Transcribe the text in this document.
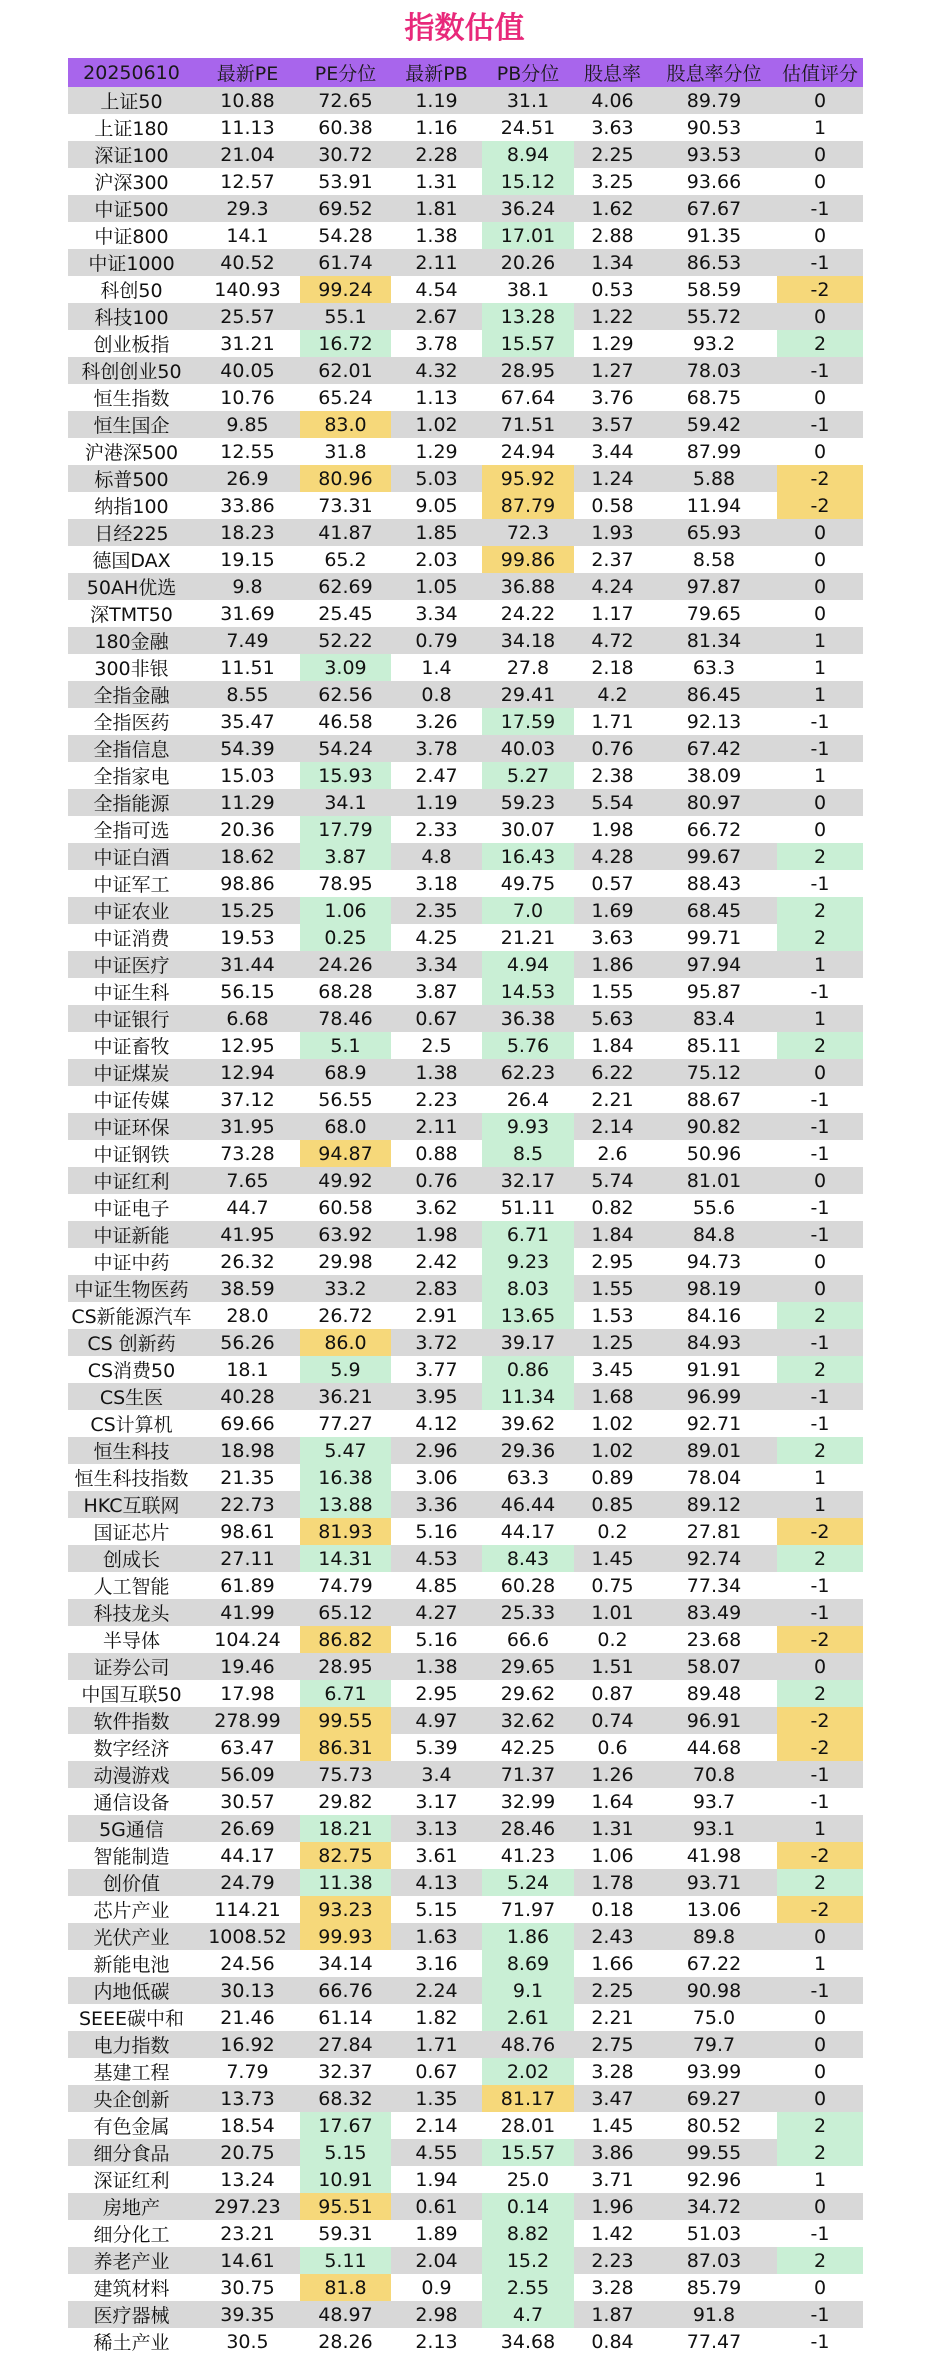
指数估值
20250610	最新PE	PE分位	最新PB	PB分位	股息率	股息率分位	估值评分
上证50	10.88	72.65	1.19	31.1	4.06	89.79	0
上证180	11.13	60.38	1.16	24.51	3.63	90.53	1
深证100	21.04	30.72	2.28	8.94	2.25	93.53	0
沪深300	12.57	53.91	1.31	15.12	3.25	93.66	0
中证500	29.3	69.52	1.81	36.24	1.62	67.67	-1
中证800	14.1	54.28	1.38	17.01	2.88	91.35	0
中证1000	40.52	61.74	2.11	20.26	1.34	86.53	-1
科创50	140.93	99.24	4.54	38.1	0.53	58.59	-2
科技100	25.57	55.1	2.67	13.28	1.22	55.72	0
创业板指	31.21	16.72	3.78	15.57	1.29	93.2	2
科创创业50	40.05	62.01	4.32	28.95	1.27	78.03	-1
恒生指数	10.76	65.24	1.13	67.64	3.76	68.75	0
恒生国企	9.85	83.0	1.02	71.51	3.57	59.42	-1
沪港深500	12.55	31.8	1.29	24.94	3.44	87.99	0
标普500	26.9	80.96	5.03	95.92	1.24	5.88	-2
纳指100	33.86	73.31	9.05	87.79	0.58	11.94	-2
日经225	18.23	41.87	1.85	72.3	1.93	65.93	0
德国DAX	19.15	65.2	2.03	99.86	2.37	8.58	0
50AH优选	9.8	62.69	1.05	36.88	4.24	97.87	0
深TMT50	31.69	25.45	3.34	24.22	1.17	79.65	0
180金融	7.49	52.22	0.79	34.18	4.72	81.34	1
300非银	11.51	3.09	1.4	27.8	2.18	63.3	1
全指金融	8.55	62.56	0.8	29.41	4.2	86.45	1
全指医药	35.47	46.58	3.26	17.59	1.71	92.13	-1
全指信息	54.39	54.24	3.78	40.03	0.76	67.42	-1
全指家电	15.03	15.93	2.47	5.27	2.38	38.09	1
全指能源	11.29	34.1	1.19	59.23	5.54	80.97	0
全指可选	20.36	17.79	2.33	30.07	1.98	66.72	0
中证白酒	18.62	3.87	4.8	16.43	4.28	99.67	2
中证军工	98.86	78.95	3.18	49.75	0.57	88.43	-1
中证农业	15.25	1.06	2.35	7.0	1.69	68.45	2
中证消费	19.53	0.25	4.25	21.21	3.63	99.71	2
中证医疗	31.44	24.26	3.34	4.94	1.86	97.94	1
中证生科	56.15	68.28	3.87	14.53	1.55	95.87	-1
中证银行	6.68	78.46	0.67	36.38	5.63	83.4	1
中证畜牧	12.95	5.1	2.5	5.76	1.84	85.11	2
中证煤炭	12.94	68.9	1.38	62.23	6.22	75.12	0
中证传媒	37.12	56.55	2.23	26.4	2.21	88.67	-1
中证环保	31.95	68.0	2.11	9.93	2.14	90.82	-1
中证钢铁	73.28	94.87	0.88	8.5	2.6	50.96	-1
中证红利	7.65	49.92	0.76	32.17	5.74	81.01	0
中证电子	44.7	60.58	3.62	51.11	0.82	55.6	-1
中证新能	41.95	63.92	1.98	6.71	1.84	84.8	-1
中证中药	26.32	29.98	2.42	9.23	2.95	94.73	0
中证生物医药	38.59	33.2	2.83	8.03	1.55	98.19	0
CS新能源汽车	28.0	26.72	2.91	13.65	1.53	84.16	2
CS 创新药	56.26	86.0	3.72	39.17	1.25	84.93	-1
CS消费50	18.1	5.9	3.77	0.86	3.45	91.91	2
CS生医	40.28	36.21	3.95	11.34	1.68	96.99	-1
CS计算机	69.66	77.27	4.12	39.62	1.02	92.71	-1
恒生科技	18.98	5.47	2.96	29.36	1.02	89.01	2
恒生科技指数	21.35	16.38	3.06	63.3	0.89	78.04	1
HKC互联网	22.73	13.88	3.36	46.44	0.85	89.12	1
国证芯片	98.61	81.93	5.16	44.17	0.2	27.81	-2
创成长	27.11	14.31	4.53	8.43	1.45	92.74	2
人工智能	61.89	74.79	4.85	60.28	0.75	77.34	-1
科技龙头	41.99	65.12	4.27	25.33	1.01	83.49	-1
半导体	104.24	86.82	5.16	66.6	0.2	23.68	-2
证券公司	19.46	28.95	1.38	29.65	1.51	58.07	0
中国互联50	17.98	6.71	2.95	29.62	0.87	89.48	2
软件指数	278.99	99.55	4.97	32.62	0.74	96.91	-2
数字经济	63.47	86.31	5.39	42.25	0.6	44.68	-2
动漫游戏	56.09	75.73	3.4	71.37	1.26	70.8	-1
通信设备	30.57	29.82	3.17	32.99	1.64	93.7	-1
5G通信	26.69	18.21	3.13	28.46	1.31	93.1	1
智能制造	44.17	82.75	3.61	41.23	1.06	41.98	-2
创价值	24.79	11.38	4.13	5.24	1.78	93.71	2
芯片产业	114.21	93.23	5.15	71.97	0.18	13.06	-2
光伏产业	1008.52	99.93	1.63	1.86	2.43	89.8	0
新能电池	24.56	34.14	3.16	8.69	1.66	67.22	1
内地低碳	30.13	66.76	2.24	9.1	2.25	90.98	-1
SEEE碳中和	21.46	61.14	1.82	2.61	2.21	75.0	0
电力指数	16.92	27.84	1.71	48.76	2.75	79.7	0
基建工程	7.79	32.37	0.67	2.02	3.28	93.99	0
央企创新	13.73	68.32	1.35	81.17	3.47	69.27	0
有色金属	18.54	17.67	2.14	28.01	1.45	80.52	2
细分食品	20.75	5.15	4.55	15.57	3.86	99.55	2
深证红利	13.24	10.91	1.94	25.0	3.71	92.96	1
房地产	297.23	95.51	0.61	0.14	1.96	34.72	0
细分化工	23.21	59.31	1.89	8.82	1.42	51.03	-1
养老产业	14.61	5.11	2.04	15.2	2.23	87.03	2
建筑材料	30.75	81.8	0.9	2.55	3.28	85.79	0
医疗器械	39.35	48.97	2.98	4.7	1.87	91.8	-1
稀土产业	30.5	28.26	2.13	34.68	0.84	77.47	-1
